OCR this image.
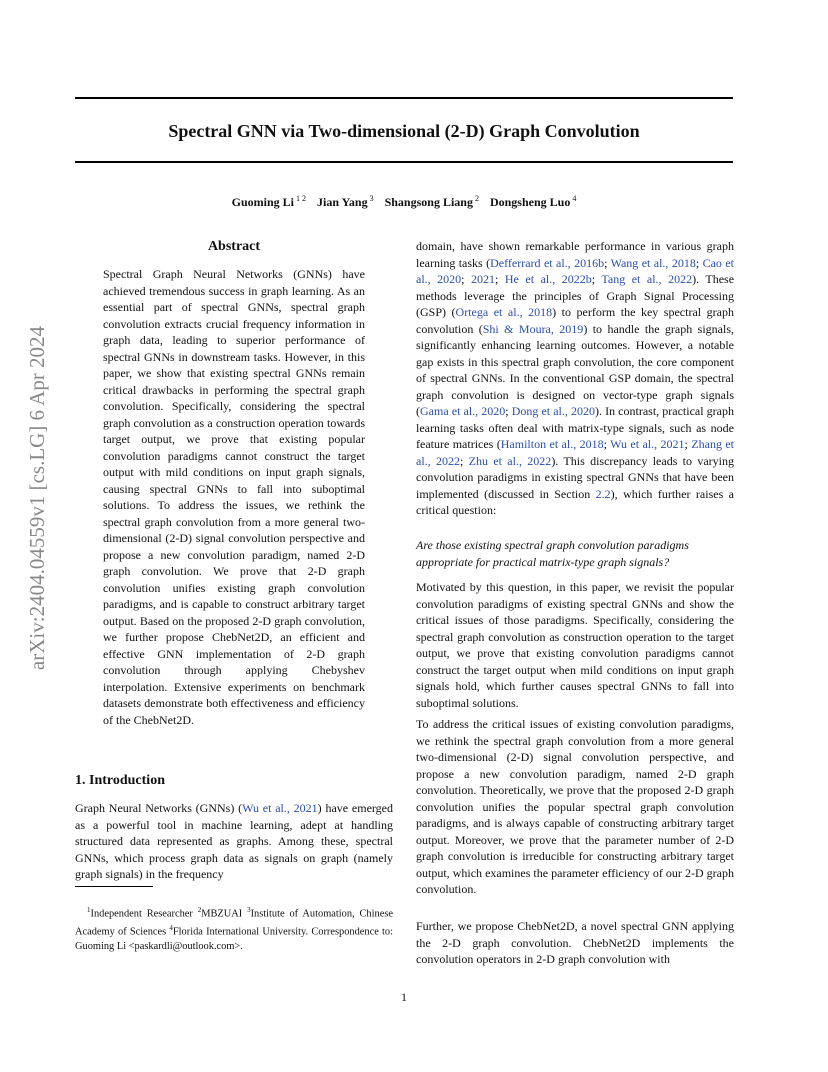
arXiv:2404.04559v1 [cs.LG] 6 Apr 2024
Spectral GNN via Two-dimensional (2-D) Graph Convolution
Guoming Li $^{1 2}$ Jian Yang $^3$ Shangsong Liang $^2$ Dongsheng Luo $^4$
Abstract

Spectral Graph Neural Networks (GNNs) have achieved tremendous success in graph learning. As an essential part of spectral GNNs, spectral graph convolution extracts crucial frequency information in graph data, leading to superior performance of spectral GNNs in downstream tasks. However, in this paper, we show that existing spectral GNNs remain critical drawbacks in performing the spectral graph convolution. Specifically, considering the spectral graph convolution as a construction operation towards target output, we prove that existing popular convolution paradigms cannot construct the target output with mild conditions on input graph signals, causing spectral GNNs to fall into suboptimal solutions. To address the issues, we rethink the spectral graph convolution from a more general two-dimensional (2-D) signal convolution perspective and propose a new convolution paradigm, named 2-D graph convolution. We prove that 2-D graph convolution unifies existing graph convolution paradigms, and is capable to construct arbitrary target output. Based on the proposed 2-D graph convolution, we further propose ChebNet2D, an efficient and effective GNN implementation of 2-D graph convolution through applying Chebyshev interpolation. Extensive experiments on benchmark datasets demonstrate both effectiveness and efficiency of the ChebNet2D.

1. Introduction

Graph Neural Networks (GNNs) (Wu et al., 2021) have emerged as a powerful tool in machine learning, adept at handling structured data represented as graphs. Among these, spectral GNNs, which process graph data as signals on graph (namely graph signals) in the frequency

$^1$Independent Researcher $^2$MBZUAI $^3$Institute of Automation, Chinese Academy of Sciences $^4$Florida International University. Correspondence to: Guoming Li <paskardli@outlook.com>.

domain, have shown remarkable performance in various graph learning tasks (Defferrard et al., 2016b; Wang et al., 2018; Cao et al., 2020; 2021; He et al., 2022b; Tang et al., 2022). These methods leverage the principles of Graph Signal Processing (GSP) (Ortega et al., 2018) to perform the key spectral graph convolution (Shi & Moura, 2019) to handle the graph signals, significantly enhancing learning outcomes. However, a notable gap exists in this spectral graph convolution, the core component of spectral GNNs. In the conventional GSP domain, the spectral graph convolution is designed on vector-type graph signals (Gama et al., 2020; Dong et al., 2020). In contrast, practical graph learning tasks often deal with matrix-type signals, such as node feature matrices (Hamilton et al., 2018; Wu et al., 2021; Zhang et al., 2022; Zhu et al., 2022). This discrepancy leads to varying convolution paradigms in existing spectral GNNs that have been implemented (discussed in Section 2.2), which further raises a critical question:

Are those existing spectral graph convolution paradigms appropriate for practical matrix-type graph signals?

Motivated by this question, in this paper, we revisit the popular convolution paradigms of existing spectral GNNs and show the critical issues of those paradigms. Specifically, considering the spectral graph convolution as construction operation to the target output, we prove that existing convolution paradigms cannot construct the target output when mild conditions on input graph signals hold, which further causes spectral GNNs to fall into suboptimal solutions.

To address the critical issues of existing convolution paradigms, we rethink the spectral graph convolution from a more general two-dimensional (2-D) signal convolution perspective, and propose a new convolution paradigm, named 2-D graph convolution. Theoretically, we prove that the proposed 2-D graph convolution unifies the popular spectral graph convolution paradigms, and is always capable of constructing arbitrary target output. Moreover, we prove that the parameter number of 2-D graph convolution is irreducible for constructing arbitrary target output, which examines the parameter efficiency of our 2-D graph convolution.

Further, we propose ChebNet2D, a novel spectral GNN applying the 2-D graph convolution. ChebNet2D implements the convolution operators in 2-D graph convolution with

1
